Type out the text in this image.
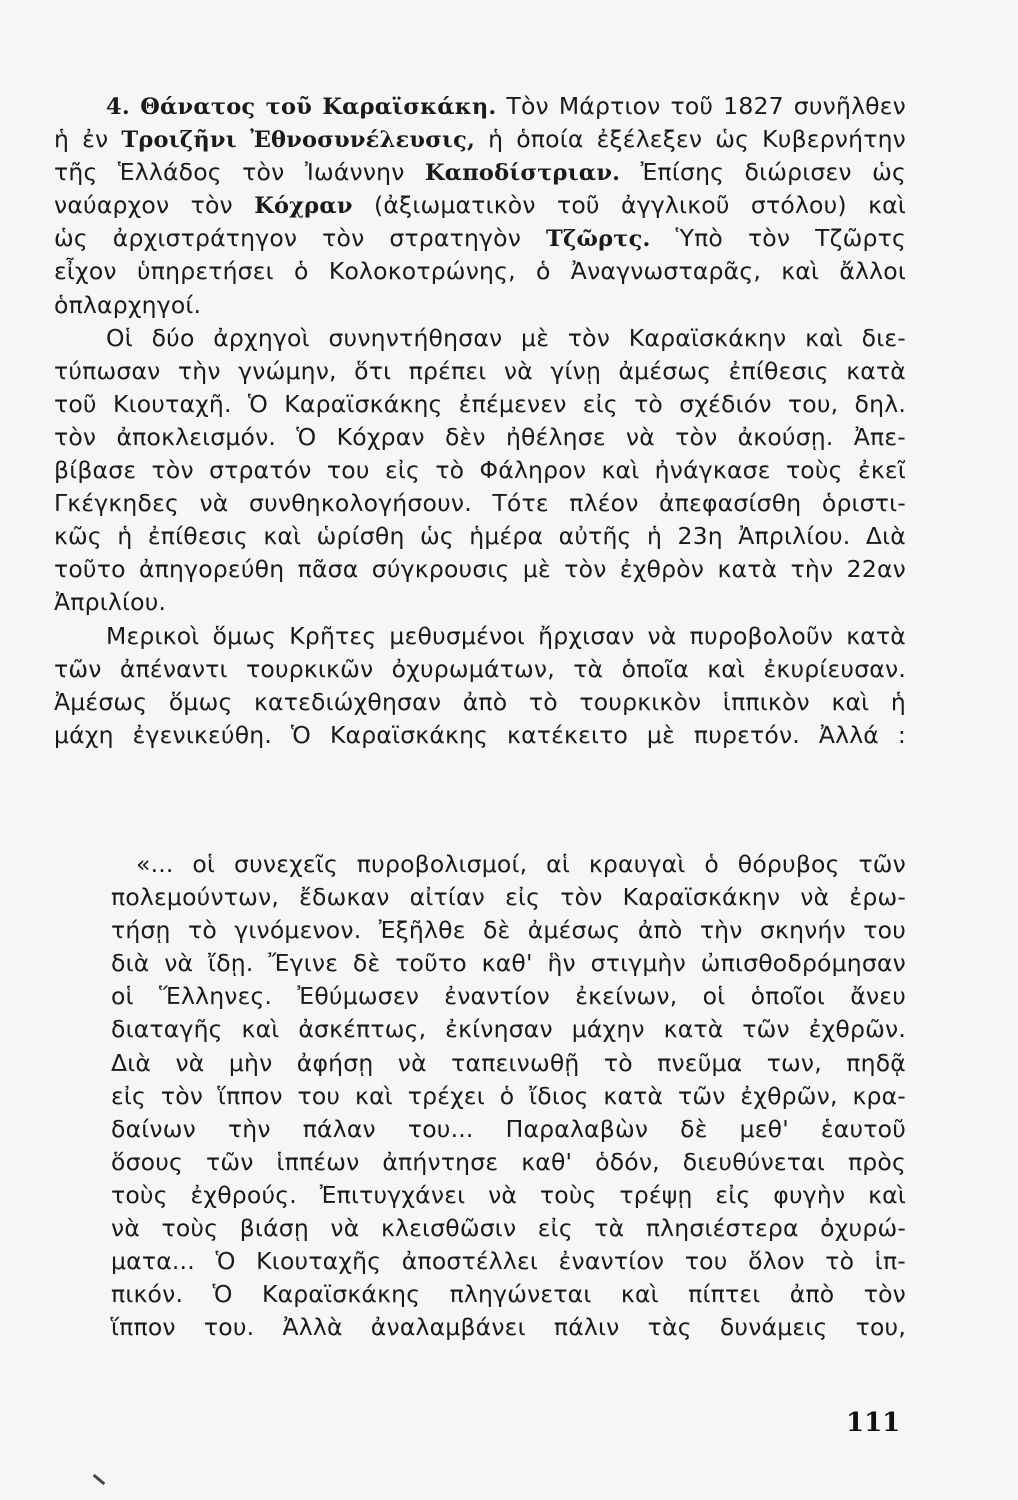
4. Θάνατος τοῦ Καραϊσκάκη. Τὸν Μάρτιον τοῦ 1827 συνῆλθεν
ἡ ἐν Τροιζῆνι Ἐθνοσυνέλευσις, ἡ ὁποία ἐξέλεξεν ὡς Κυβερνήτην
τῆς Ἑλλάδος τὸν Ἰωάννην Καποδίστριαν. Ἐπίσης διώρισεν ὡς
ναύαρχον τὸν Κόχραν (ἀξιωματικὸν τοῦ ἀγγλικοῦ στόλου) καὶ
ὡς ἀρχιστράτηγον τὸν στρατηγὸν Τζῶρτς. Ὑπὸ τὸν Τζῶρτς
εἶχον ὑπηρετήσει ὁ Κολοκοτρώνης, ὁ Ἀναγνωσταρᾶς, καὶ ἄλλοι
ὁπλαρχηγοί.
Οἱ δύο ἀρχηγοὶ συνηντήθησαν μὲ τὸν Καραϊσκάκην καὶ διε-
τύπωσαν τὴν γνώμην, ὅτι πρέπει νὰ γίνῃ ἀμέσως ἐπίθεσις κατὰ
τοῦ Κιουταχῆ. Ὁ Καραϊσκάκης ἐπέμενεν εἰς τὸ σχέδιόν του, δηλ.
τὸν ἀποκλεισμόν. Ὁ Κόχραν δὲν ἠθέλησε νὰ τὸν ἀκούσῃ. Ἀπε-
βίβασε τὸν στρατόν του εἰς τὸ Φάληρον καὶ ἠνάγκασε τοὺς ἐκεῖ
Γκέγκηδες νὰ συνθηκολογήσουν. Τότε πλέον ἀπεφασίσθη ὁριστι-
κῶς ἡ ἐπίθεσις καὶ ὡρίσθη ὡς ἡμέρα αὐτῆς ἡ 23η Ἀπριλίου. Διὰ
τοῦτο ἀπηγορεύθη πᾶσα σύγκρουσις μὲ τὸν ἐχθρὸν κατὰ τὴν 22αν
Ἀπριλίου.
Μερικοὶ ὅμως Κρῆτες μεθυσμένοι ἤρχισαν νὰ πυροβολοῦν κατὰ
τῶν ἀπέναντι τουρκικῶν ὀχυρωμάτων, τὰ ὁποῖα καὶ ἐκυρίευσαν.
Ἀμέσως ὅμως κατεδιώχθησαν ἀπὸ τὸ τουρκικὸν ἱππικὸν καὶ ἡ
μάχη ἐγενικεύθη. Ὁ Καραϊσκάκης κατέκειτο μὲ πυρετόν. Ἀλλά :
«... οἱ συνεχεῖς πυροβολισμοί, αἱ κραυγαὶ ὁ θόρυβος τῶν
πολεμούντων, ἔδωκαν αἰτίαν εἰς τὸν Καραϊσκάκην νὰ ἐρω-
τήσῃ τὸ γινόμενον. Ἐξῆλθε δὲ ἀμέσως ἀπὸ τὴν σκηνήν του
διὰ νὰ ἴδῃ. Ἔγινε δὲ τοῦτο καθ' ἣν στιγμὴν ὠπισθοδρόμησαν
οἱ Ἕλληνες. Ἐθύμωσεν ἐναντίον ἐκείνων, οἱ ὁποῖοι ἄνευ
διαταγῆς καὶ ἀσκέπτως, ἐκίνησαν μάχην κατὰ τῶν ἐχθρῶν.
Διὰ νὰ μὴν ἀφήσῃ νὰ ταπεινωθῇ τὸ πνεῦμα των, πηδᾷ
εἰς τὸν ἵππον του καὶ τρέχει ὁ ἴδιος κατὰ τῶν ἐχθρῶν, κρα-
δαίνων τὴν πάλαν του... Παραλαβὼν δὲ μεθ' ἑαυτοῦ
ὅσους τῶν ἱππέων ἀπήντησε καθ' ὁδόν, διευθύνεται πρὸς
τοὺς ἐχθρούς. Ἐπιτυγχάνει νὰ τοὺς τρέψῃ εἰς φυγὴν καὶ
νὰ τοὺς βιάσῃ νὰ κλεισθῶσιν εἰς τὰ πλησιέστερα ὀχυρώ-
ματα... Ὁ Κιουταχῆς ἀποστέλλει ἐναντίον του ὅλον τὸ ἱπ-
πικόν. Ὁ Καραϊσκάκης πληγώνεται καὶ πίπτει ἀπὸ τὸν
ἵππον του. Ἀλλὰ ἀναλαμβάνει πάλιν τὰς δυνάμεις του,
111
